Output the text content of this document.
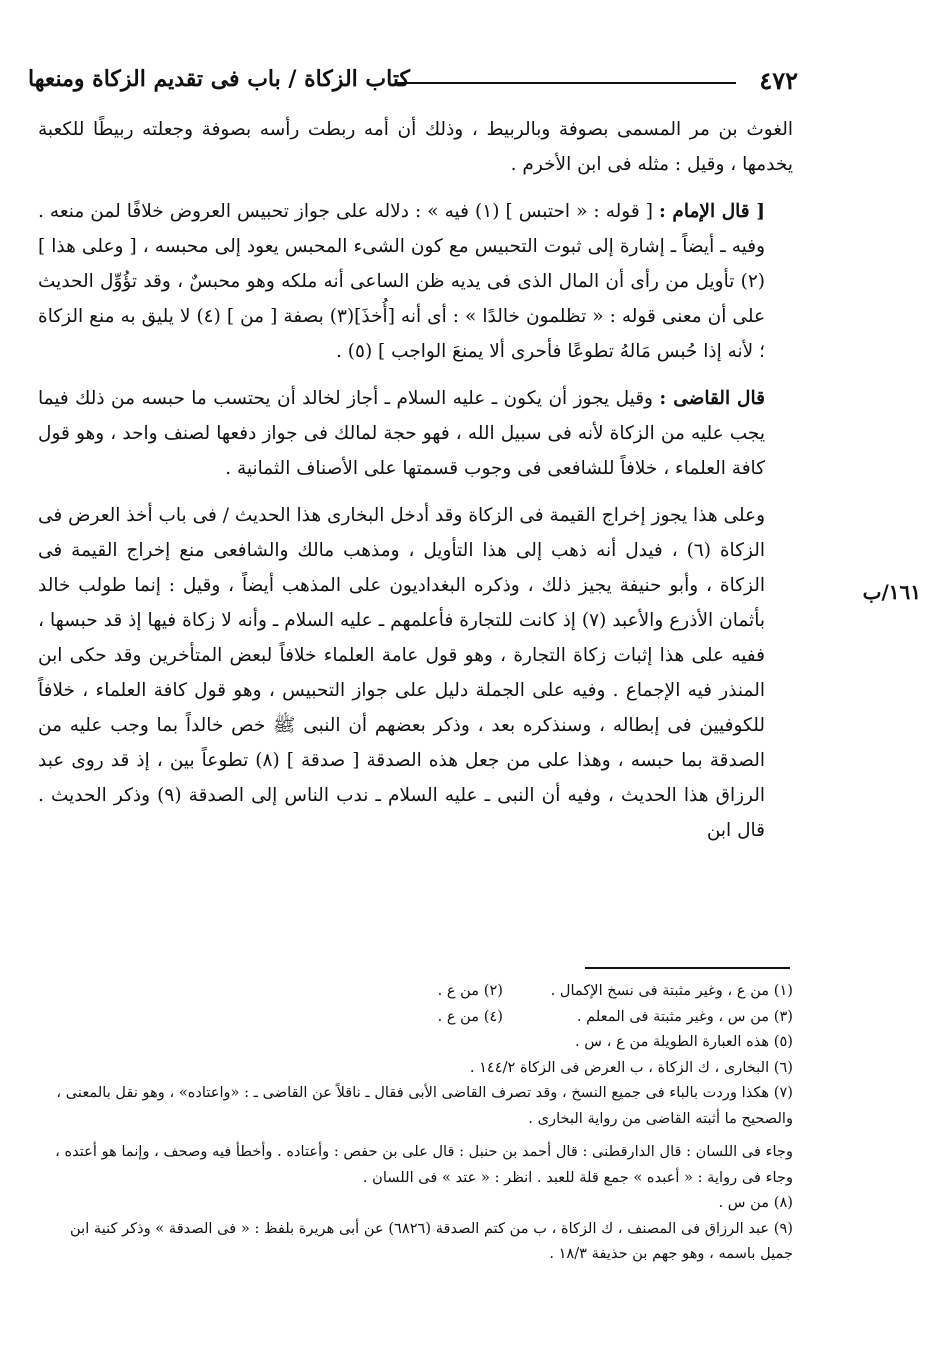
٤٧٢
كتاب الزكاة / باب فى تقديم الزكاة ومنعها
١٦١/ب

الغوث بن مر المسمى بصوفة وبالربيط ، وذلك أن أمه ربطت رأسه بصوفة وجعلته ربيطًا للكعبة يخدمها ، وقيل : مثله فى ابن الأخرم .

[ قال الإمام : [ قوله : « احتبس ] (١) فيه » : دلاله على جواز تحبيس العروض خلافًا لمن منعه . وفيه ـ أيضاً ـ إشارة إلى ثبوت التحبيس مع كون الشىء المحبس يعود إلى محبسه ، [ وعلى هذا ] (٢) تأويل من رأى أن المال الذى فى يديه ظن الساعى أنه ملكه وهو محبسٌ ، وقد تؤُوِّل الحديث على أن معنى قوله : « تظلمون خالدًا » : أى أنه [أُخذَ](٣) بصفة [ من ] (٤) لا يليق به منع الزكاة ؛ لأنه إذا حُبس مَالهُ تطوعًا فأحرى ألا يمنعَ الواجب ] (٥) .

قال القاضى : وقيل يجوز أن يكون ـ عليه السلام ـ أجاز لخالد أن يحتسب ما حبسه من ذلك فيما يجب عليه من الزكاة لأنه فى سبيل الله ، فهو حجة لمالك فى جواز دفعها لصنف واحد ، وهو قول كافة العلماء ، خلافاً للشافعى فى وجوب قسمتها على الأصناف الثمانية .

وعلى هذا يجوز إخراج القيمة فى الزكاة وقد أدخل البخارى هذا الحديث / فى باب أخذ العرض فى الزكاة (٦) ، فيدل أنه ذهب إلى هذا التأويل ، ومذهب مالك والشافعى منع إخراج القيمة فى الزكاة ، وأبو حنيفة يجيز ذلك ، وذكره البغداديون على المذهب أيضاً ، وقيل : إنما طولب خالد بأثمان الأذرع والأعبد (٧) إذ كانت للتجارة فأعلمهم ـ عليه السلام ـ وأنه لا زكاة فيها إذ قد حبسها ، ففيه على هذا إثبات زكاة التجارة ، وهو قول عامة العلماء خلافاً لبعض المتأخرين وقد حكى ابن المنذر فيه الإجماع . وفيه على الجملة دليل على جواز التحبيس ، وهو قول كافة العلماء ، خلافاً للكوفيين فى إبطاله ، وسنذكره بعد ، وذكر بعضهم أن النبى ﷺ خص خالداً بما وجب عليه من الصدقة بما حبسه ، وهذا على من جعل هذه الصدقة [ صدقة ] (٨) تطوعاً بين ، إذ قد روى عبد الرزاق هذا الحديث ، وفيه أن النبى ـ عليه السلام ـ ندب الناس إلى الصدقة (٩) وذكر الحديث . قال ابن

(١) من ع ، وغير مثبتة فى نسخ الإكمال .
(٢) من ع .
(٣) من س ، وغير مثبتة فى المعلم .
(٤) من ع .

(٥) هذه العبارة الطويلة من ع ، س .

(٦) البخارى ، ك الزكاة ، ب العرض فى الزكاة ١٤٤/٢ .

(٧) هكذا وردت بالباء فى جميع النسخ ، وقد تصرف القاضى الأبى فقال ـ ناقلاً عن القاضى ـ : «واعتاده» ، وهو نقل بالمعنى ، والصحيح ما أثبته القاضى من رواية البخارى .

وجاء فى اللسان : قال الدارقطنى : قال أحمد بن حنبل : قال على بن حفص : وأعتاده . وأخطأ فيه وصحف ، وإنما هو أعتده ، وجاء فى رواية : « أعبده » جمع قلة للعبد . انظر : « عتد » فى اللسان .

(٨) من س .

(٩) عبد الرزاق فى المصنف ، ك الزكاة ، ب من كتم الصدقة (٦٨٢٦) عن أبى هريرة بلفظ : « فى الصدقة » وذكر كنية ابن جميل باسمه ، وهو جهم بن حذيفة ١٨/٣ .
